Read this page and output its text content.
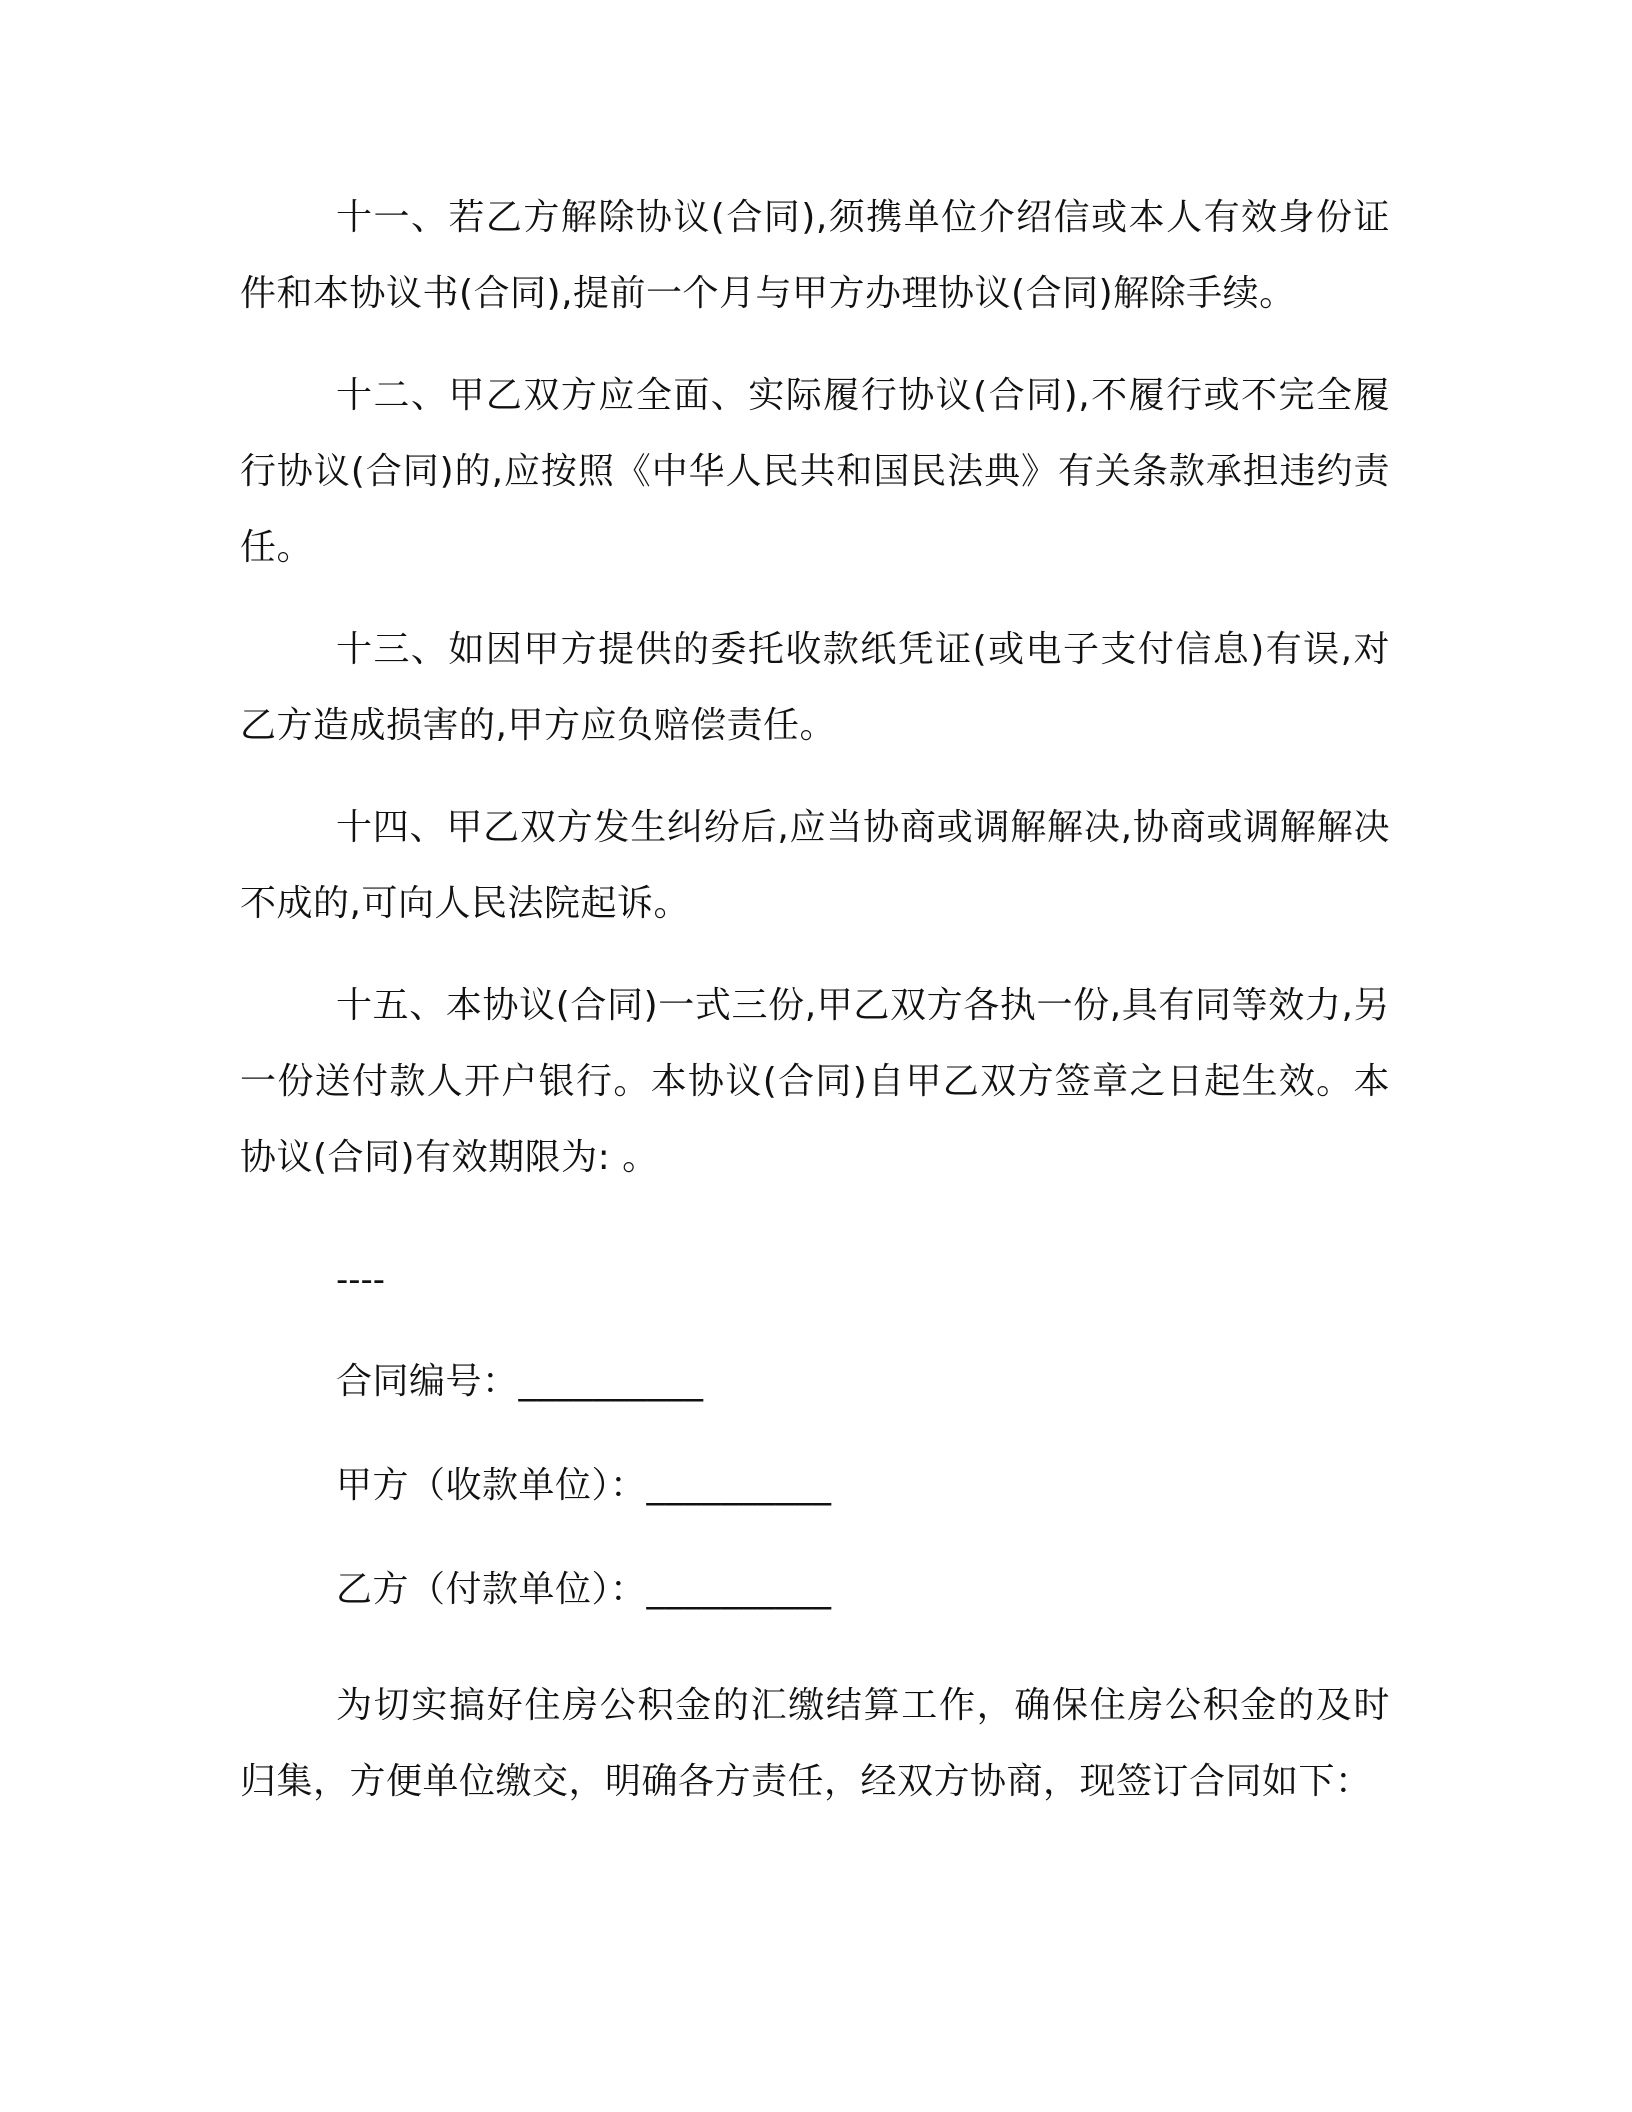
十一、若乙方解除协议(合同),须携单位介绍信或本人有效身份证件和本协议书(合同),提前一个月与甲方办理协议(合同)解除手续。

十二、甲乙双方应全面、实际履行协议(合同),不履行或不完全履行协议(合同)的,应按照《中华人民共和国民法典》有关条款承担违约责任。

十三、如因甲方提供的委托收款纸凭证(或电子支付信息)有误,对乙方造成损害的,甲方应负赔偿责任。

十四、甲乙双方发生纠纷后,应当协商或调解解决,协商或调解解决不成的,可向人民法院起诉。

十五、本协议(合同)一式三份,甲乙双方各执一份,具有同等效力,另一份送付款人开户银行。本协议(合同)自甲乙双方签章之日起生效。本协议(合同)有效期限为: 。

----
合同编号：__________
甲方（收款单位）：__________
乙方（付款单位）：__________

为切实搞好住房公积金的汇缴结算工作，确保住房公积金的及时归集，方便单位缴交，明确各方责任，经双方协商，现签订合同如下：
